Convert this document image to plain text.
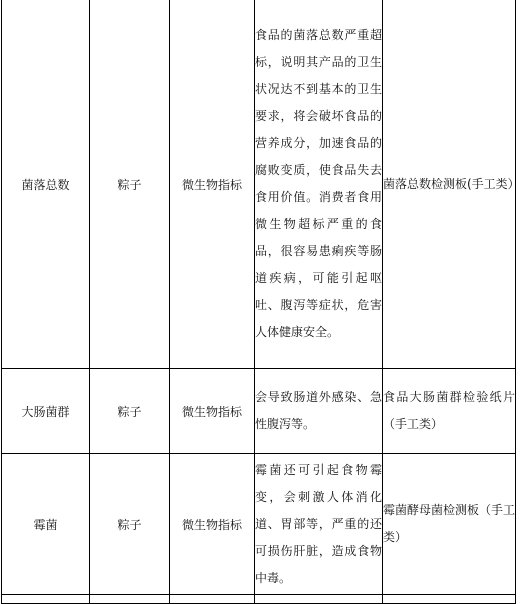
菌落总数	粽子	微生物指标	食品的菌落总数严重超标，说明其产品的卫生状况达不到基本的卫生要求，将会破坏食品的营养成分，加速食品的腐败变质，使食品失去食用价值。消费者食用微生物超标严重的食品，很容易患痢疾等肠道疾病，可能引起呕吐、腹泻等症状，危害人体健康安全。	菌落总数检测板(手工类）
大肠菌群	粽子	微生物指标	会导致肠道外感染、急性腹泻等。	食品大肠菌群检验纸片（手工类）
霉菌	粽子	微生物指标	霉菌还可引起食物霉变，会刺激人体消化道、胃部等，严重的还可损伤肝脏，造成食物中毒。	霉菌酵母菌检测板（手工类）
